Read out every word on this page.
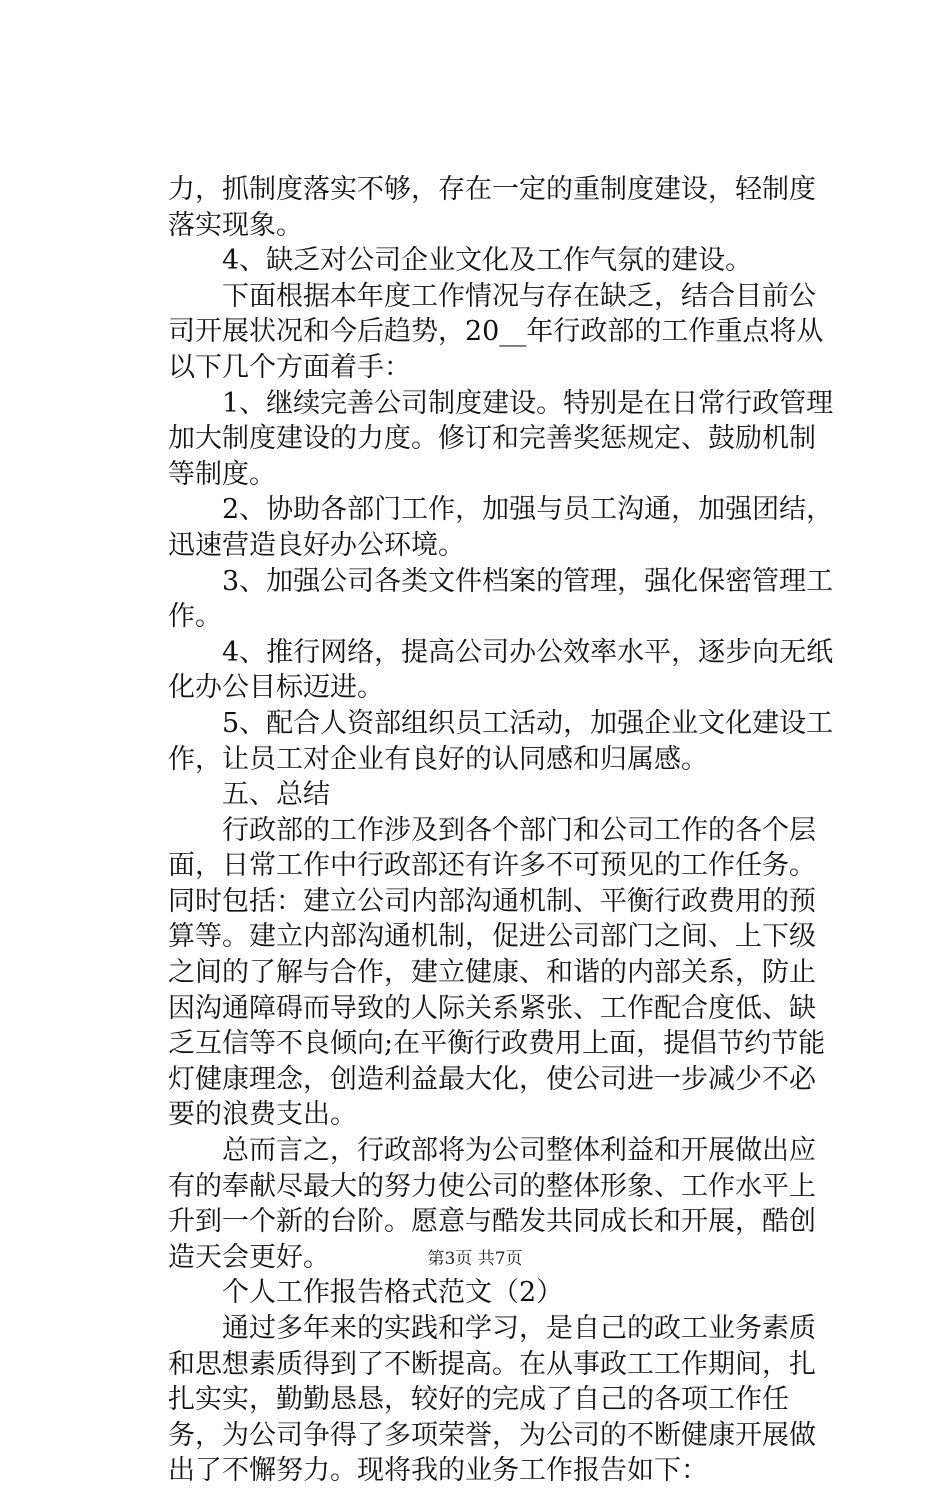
力，抓制度落实不够，存在一定的重制度建设，轻制度落实现象。

4、缺乏对公司企业文化及工作气氛的建设。

下面根据本年度工作情况与存在缺乏，结合目前公司开展状况和今后趋势，20__年行政部的工作重点将从以下几个方面着手：

1、继续完善公司制度建设。特别是在日常行政管理加大制度建设的力度。修订和完善奖惩规定、鼓励机制等制度。

2、协助各部门工作，加强与员工沟通，加强团结，迅速营造良好办公环境。

3、加强公司各类文件档案的管理，强化保密管理工作。

4、推行网络，提高公司办公效率水平，逐步向无纸化办公目标迈进。

5、配合人资部组织员工活动，加强企业文化建设工作，让员工对企业有良好的认同感和归属感。

五、总结

行政部的工作涉及到各个部门和公司工作的各个层面，日常工作中行政部还有许多不可预见的工作任务。同时包括：建立公司内部沟通机制、平衡行政费用的预算等。建立内部沟通机制，促进公司部门之间、上下级之间的了解与合作，建立健康、和谐的内部关系，防止因沟通障碍而导致的人际关系紧张、工作配合度低、缺乏互信等不良倾向;在平衡行政费用上面，提倡节约节能灯健康理念，创造利益最大化，使公司进一步减少不必要的浪费支出。

总而言之，行政部将为公司整体利益和开展做出应有的奉献尽最大的努力使公司的整体形象、工作水平上升到一个新的台阶。愿意与酷发共同成长和开展，酷创造天会更好。

个人工作报告格式范文（2）

通过多年来的实践和学习，是自己的政工业务素质和思想素质得到了不断提高。在从事政工工作期间，扎扎实实，勤勤恳恳，较好的完成了自己的各项工作任务，为公司争得了多项荣誉，为公司的不断健康开展做出了不懈努力。现将我的业务工作报告如下：

第3页 共7页
